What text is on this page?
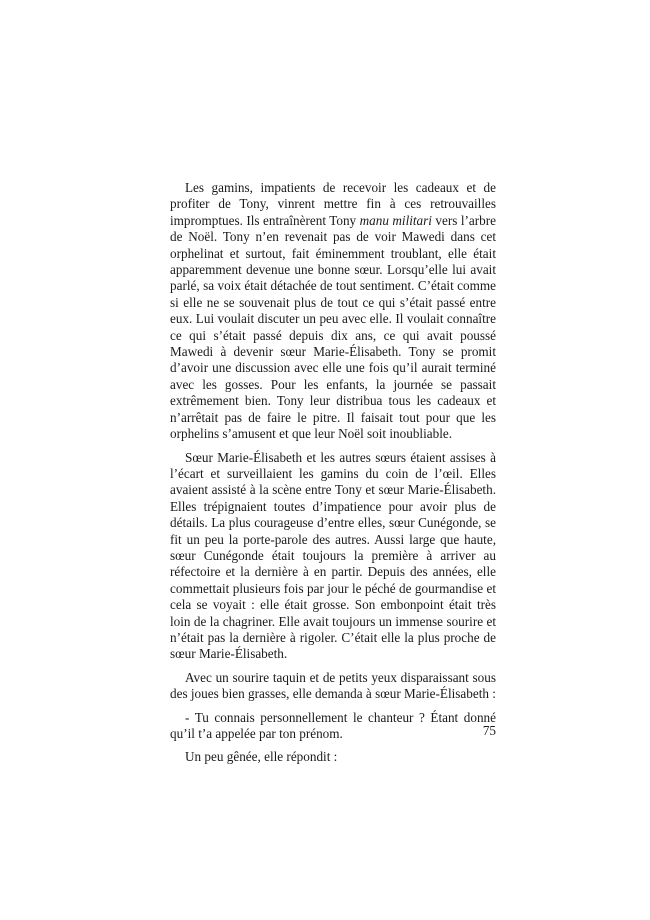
Les gamins, impatients de recevoir les cadeaux et de profiter de Tony, vinrent mettre fin à ces retrouvailles impromptues. Ils entraînèrent Tony manu militari vers l’arbre de Noël. Tony n’en revenait pas de voir Mawedi dans cet orphelinat et surtout, fait éminemment troublant, elle était apparemment devenue une bonne sœur. Lorsqu’elle lui avait parlé, sa voix était détachée de tout sentiment. C’était comme si elle ne se souvenait plus de tout ce qui s’était passé entre eux. Lui voulait discuter un peu avec elle. Il voulait connaître ce qui s’était passé depuis dix ans, ce qui avait poussé Mawedi à devenir sœur Marie-Élisabeth. Tony se promit d’avoir une discussion avec elle une fois qu’il aurait terminé avec les gosses. Pour les enfants, la journée se passait extrêmement bien. Tony leur distribua tous les cadeaux et n’arrêtait pas de faire le pitre. Il faisait tout pour que les orphelins s’amusent et que leur Noël soit inoubliable.

Sœur Marie-Élisabeth et les autres sœurs étaient assises à l’écart et surveillaient les gamins du coin de l’œil. Elles avaient assisté à la scène entre Tony et sœur Marie-Élisabeth. Elles trépignaient toutes d’impatience pour avoir plus de détails. La plus courageuse d’entre elles, sœur Cunégonde, se fit un peu la porte-parole des autres. Aussi large que haute, sœur Cunégonde était toujours la première à arriver au réfectoire et la dernière à en partir. Depuis des années, elle commettait plusieurs fois par jour le péché de gourmandise et cela se voyait : elle était grosse. Son embonpoint était très loin de la chagriner. Elle avait toujours un immense sourire et n’était pas la dernière à rigoler. C’était elle la plus proche de sœur Marie-Élisabeth.

Avec un sourire taquin et de petits yeux disparaissant sous des joues bien grasses, elle demanda à sœur Marie-Élisabeth :

- Tu connais personnellement le chanteur ? Étant donné qu’il t’a appelée par ton prénom.

Un peu gênée, elle répondit :

75
